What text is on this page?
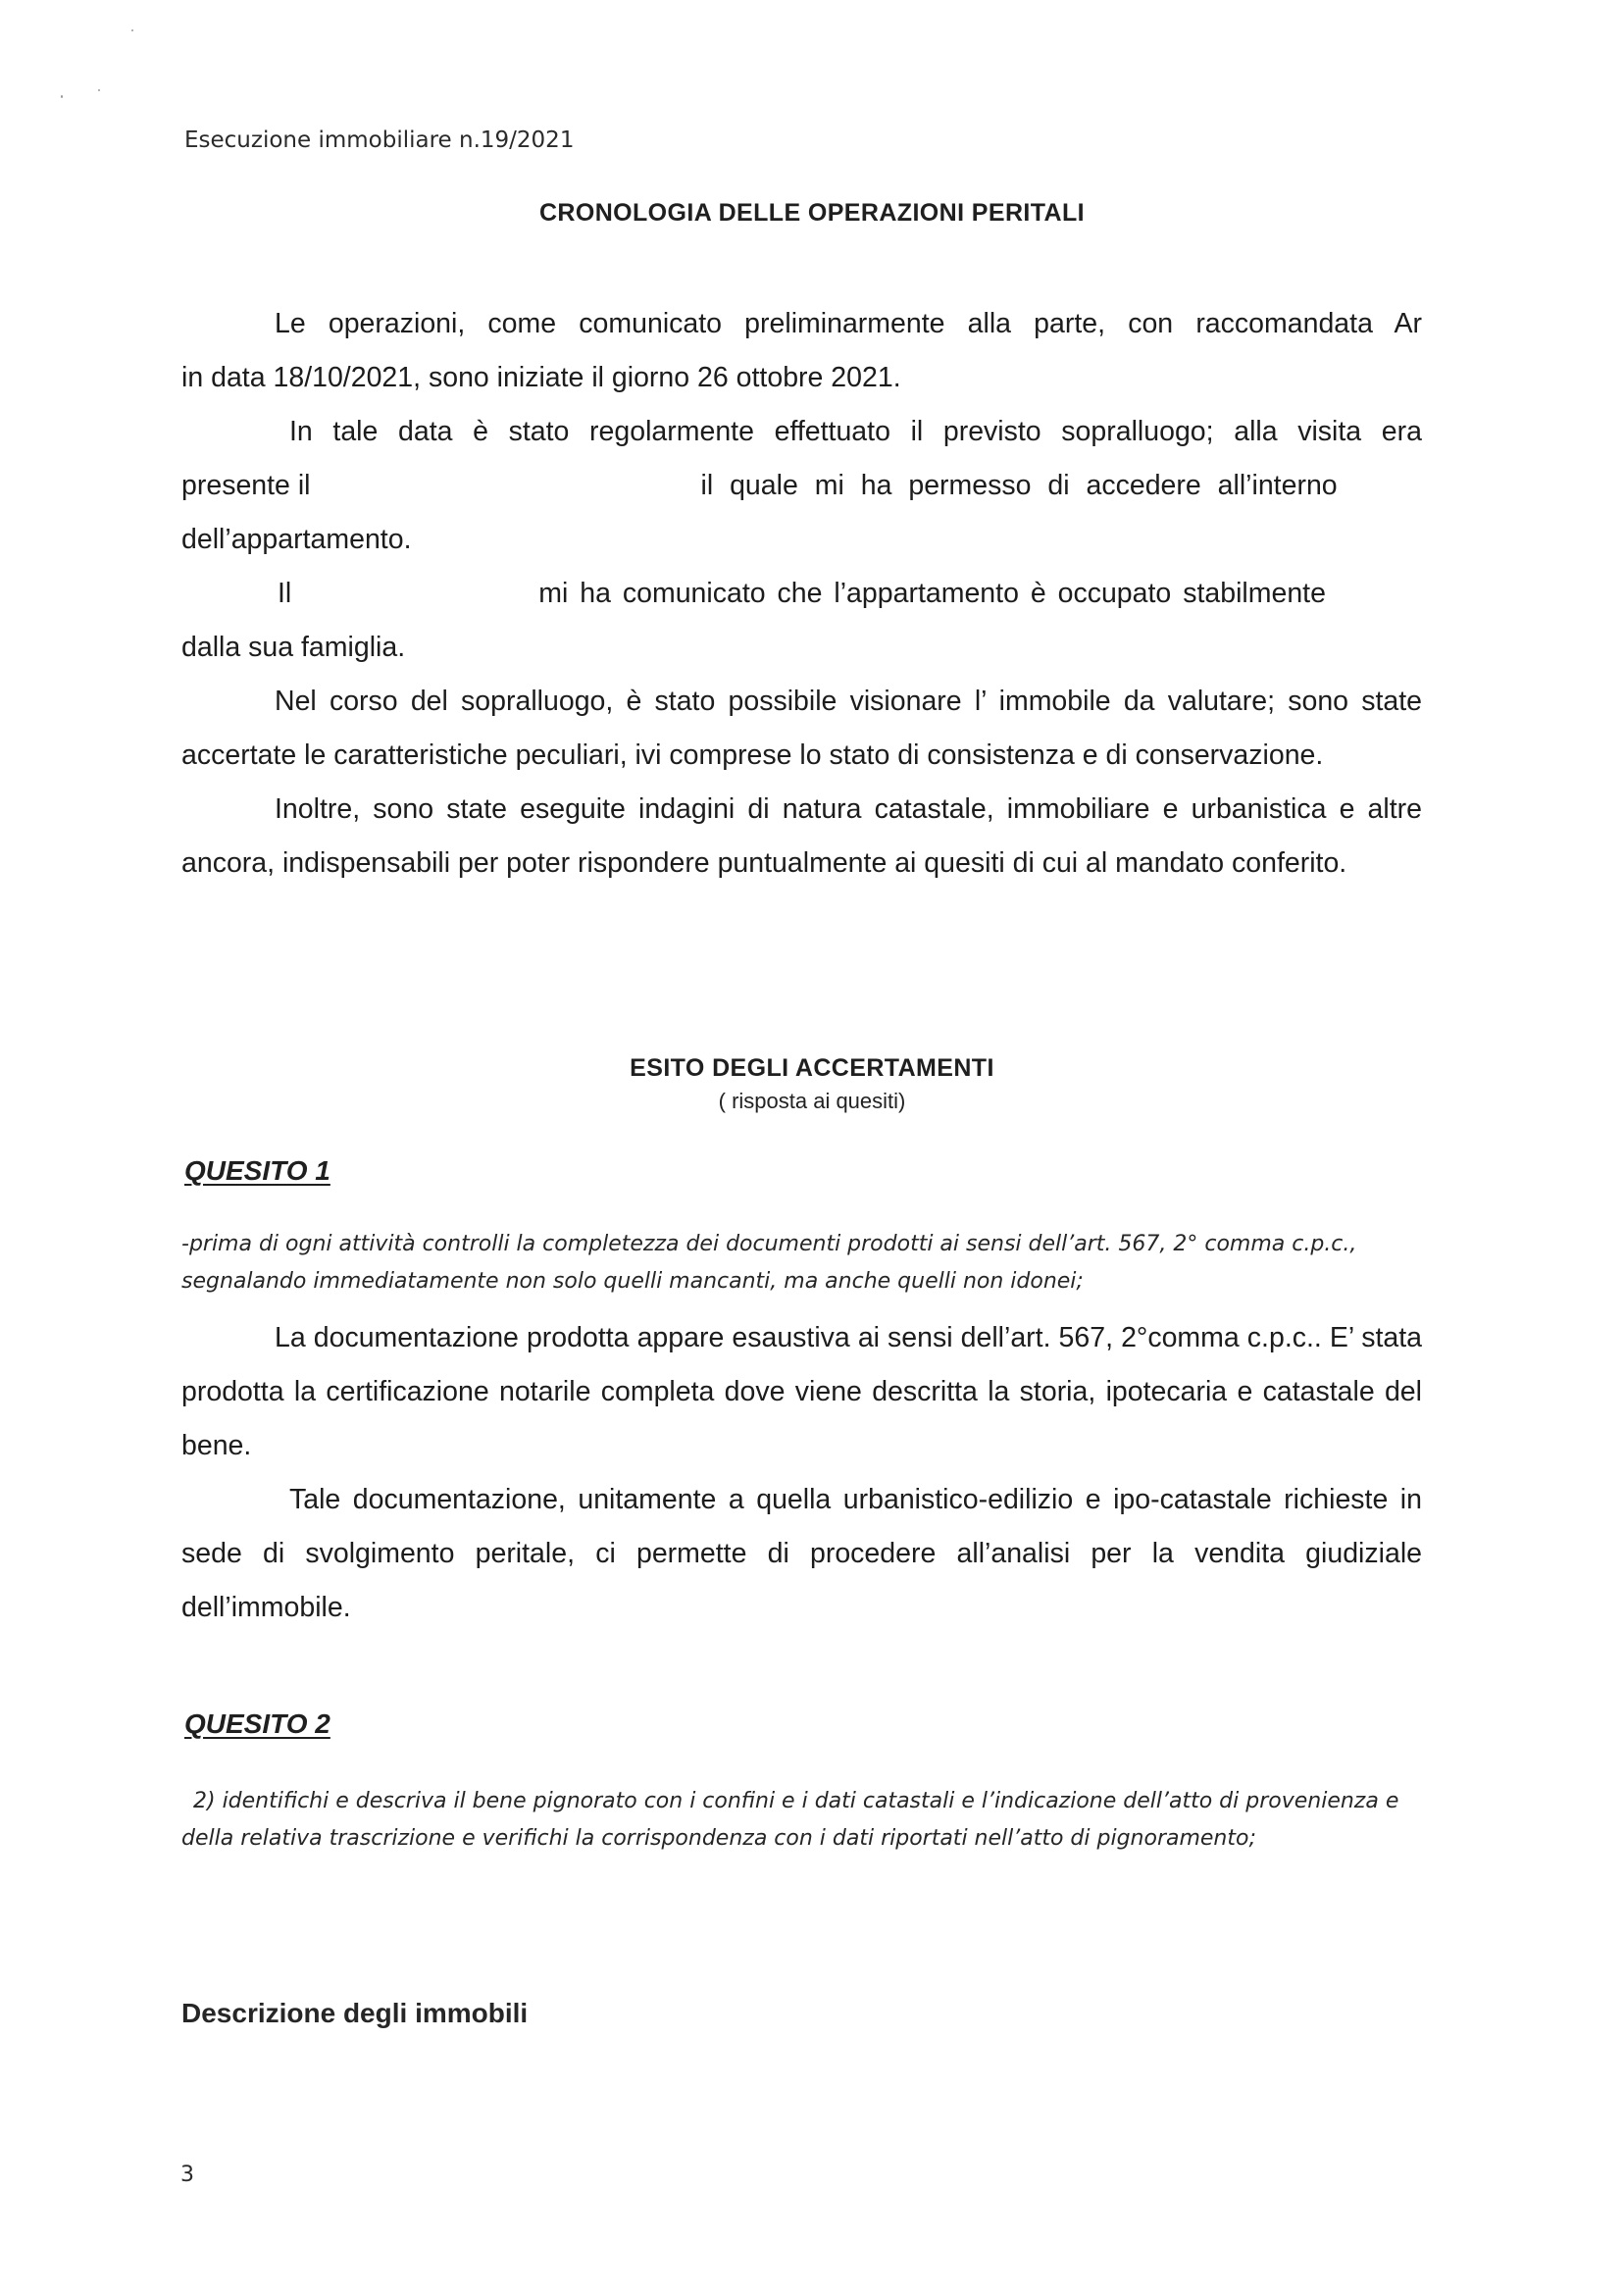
Esecuzione immobiliare n.19/2021
CRONOLOGIA DELLE OPERAZIONI PERITALI
Le operazioni, come comunicato preliminarmente alla parte, con raccomandata Ar
in data 18/10/2021, sono iniziate il giorno 26 ottobre 2021.
In tale data è stato regolarmente effettuato il previsto sopralluogo; alla visita era
presente il	il quale mi ha permesso di accedere all’interno
dell’appartamento.
Il	mi ha comunicato che l’appartamento è occupato stabilmente
dalla sua famiglia.

Nel corso del sopralluogo, è stato possibile visionare l’ immobile da valutare; sono state accertate le caratteristiche peculiari, ivi comprese lo stato di consistenza e di conservazione.

Inoltre, sono state eseguite indagini di natura catastale, immobiliare e urbanistica e altre ancora, indispensabili per poter rispondere puntualmente ai quesiti di cui al mandato conferito.

ESITO DEGLI ACCERTAMENTI
( risposta ai quesiti)
QUESITO 1

-prima di ogni attività controlli la completezza dei documenti prodotti ai sensi dell’art. 567, 2° comma c.p.c., segnalando immediatamente non solo quelli mancanti, ma anche quelli non idonei;

La documentazione prodotta appare esaustiva ai sensi dell’art. 567, 2°comma c.p.c.. E’ stata prodotta la certificazione notarile completa dove viene descritta la storia, ipotecaria e catastale del bene.

Tale documentazione, unitamente a quella urbanistico-edilizio e ipo-catastale richieste in sede di svolgimento peritale, ci permette di procedere all’analisi per la vendita giudiziale dell’immobile.

QUESITO 2

2) identifichi e descriva il bene pignorato con i confini e i dati catastali e l’indicazione dell’atto di provenienza e della relativa trascrizione e verifichi la corrispondenza con i dati riportati nell’atto di pignoramento;

Descrizione degli immobili
3
